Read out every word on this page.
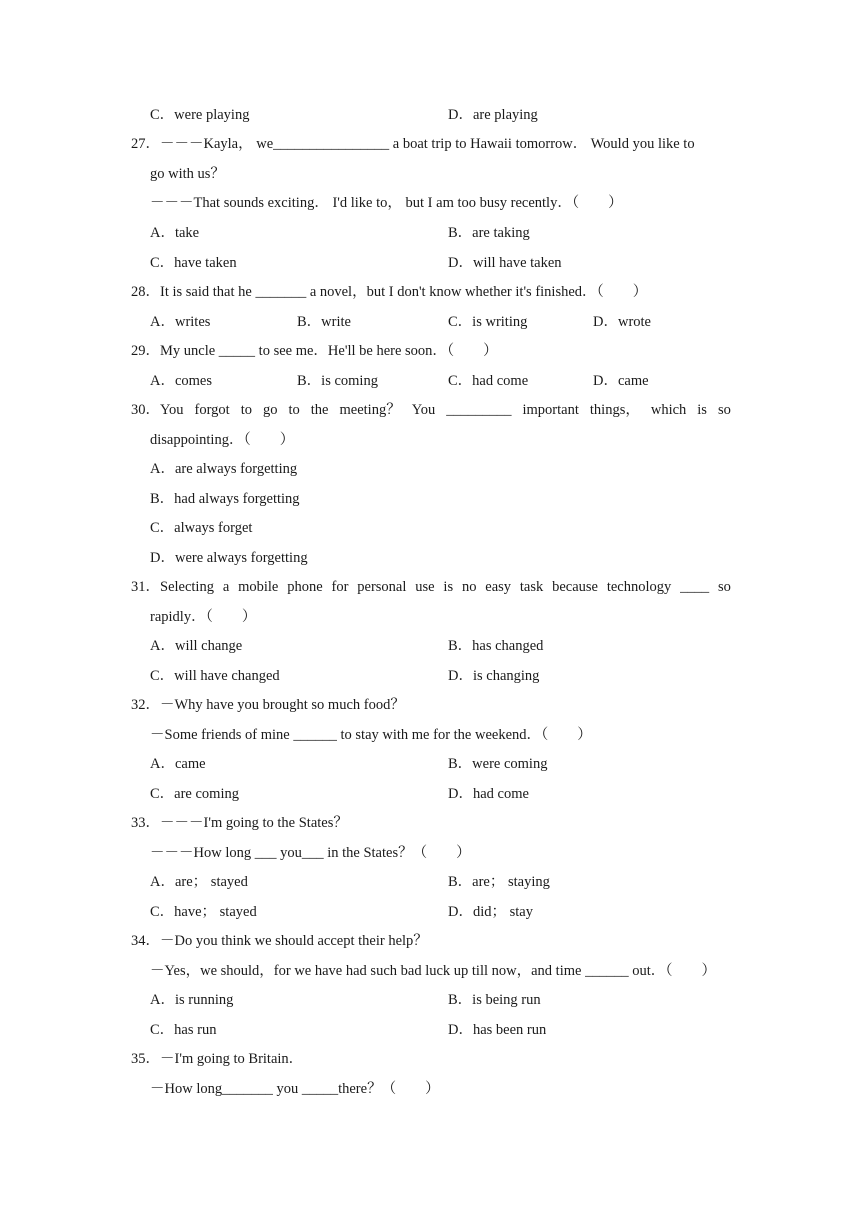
C．were playing	D．are playing
27．－－－Kayla， we________________ a boat trip to Hawaii tomorrow． Would you like to
go with us？
－－－That sounds exciting． I'd like to， but I am too busy recently．（　　）
A．take	B．are taking
C．have taken	D．will have taken
28．It is said that he _______ a novel，but I don't know whether it's finished．（　　）
A．writes	B．write	C．is writing	D．wrote
29．My uncle _____ to see me．He'll be here soon．（　　）
A．comes	B．is coming	C．had come	D．came
30．You forgot to go to the meeting？ You _________ important things， which is so
disappointing．（　　）
A．are always forgetting
B．had always forgetting
C．always forget
D．were always forgetting
31．Selecting a mobile phone for personal use is no easy task because technology ____ so
rapidly．（　　）
A．will change	B．has changed
C．will have changed	D．is changing
32．－Why have you brought so much food？
－Some friends of mine ______ to stay with me for the weekend．（　　）
A．came	B．were coming
C．are coming	D．had come
33．－－－I'm going to the States？
－－－How long ___ you___ in the States？（　　）
A．are； stayed	B．are； staying
C．have； stayed	D．did； stay
34．－Do you think we should accept their help？
－Yes，we should，for we have had such bad luck up till now，and time ______ out．（　　）
A．is running	B．is being run
C．has run	D．has been run
35．－I'm going to Britain．
－How long_______ you _____there？（　　）
